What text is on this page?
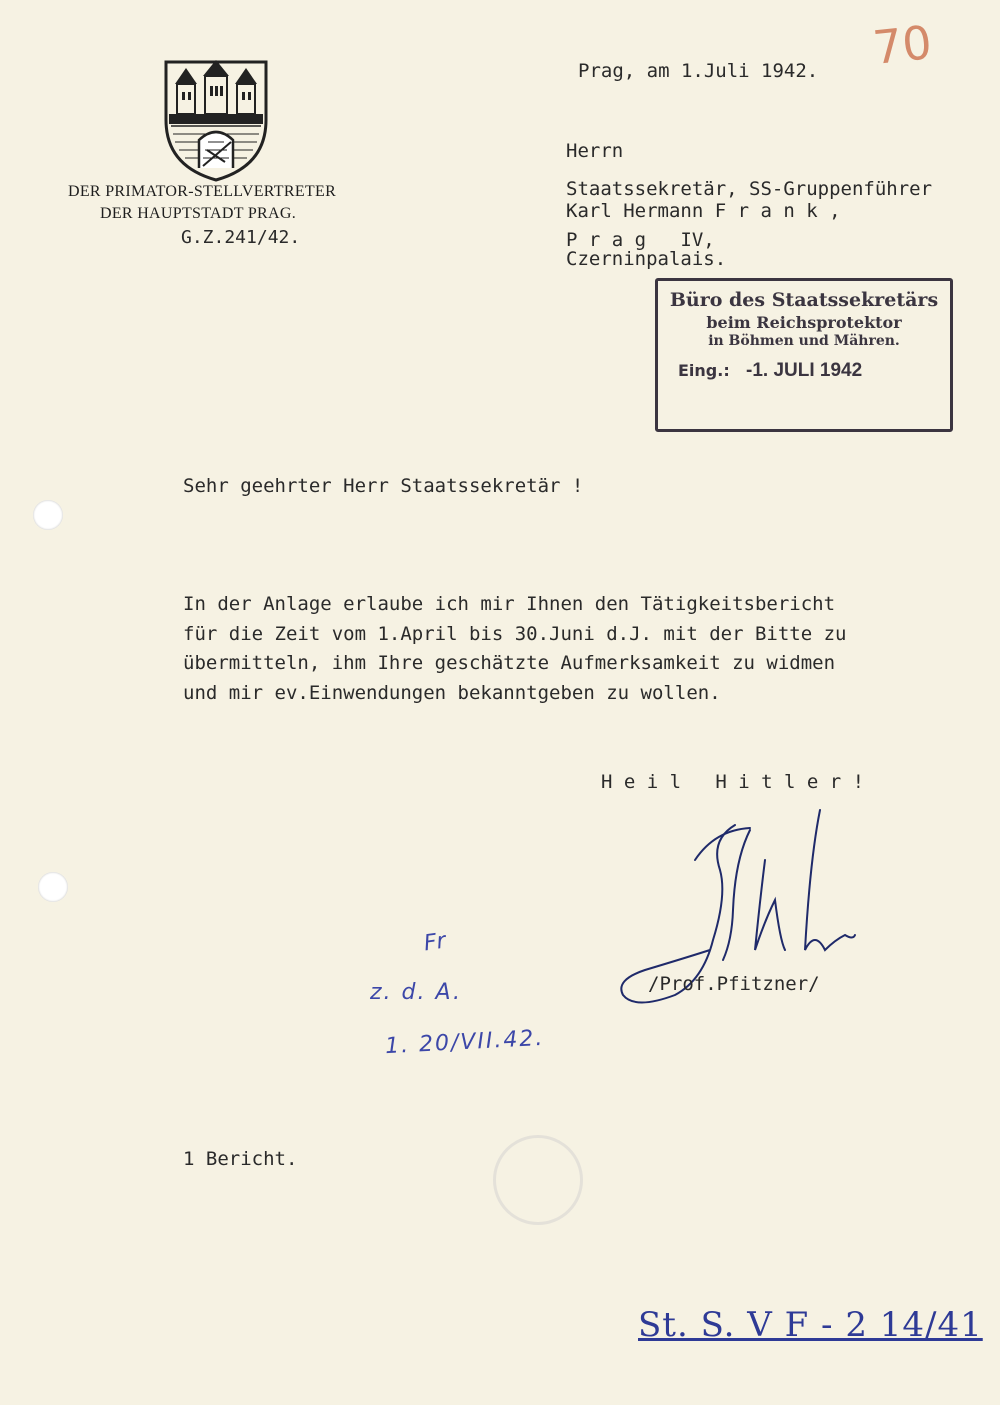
70
DER PRIMATOR-STELLVERTRETER
DER HAUPTSTADT PRAG.
G.Z.241/42.
Prag, am 1.Juli 1942.
Herrn
Staatssekretär, SS-Gruppenführer
Karl Hermann F r a n k ,
P r a g   IV,
Czerninpalais.
Büro des Staatssekretärs
beim Reichsprotektor
in Böhmen und Mähren.
Eing.: -1. JULI 1942
Sehr geehrter Herr Staatssekretär !
In der Anlage erlaube ich mir Ihnen den Tätigkeitsbericht
für die Zeit vom 1.April bis 30.Juni d.J. mit der Bitte zu
übermitteln, ihm Ihre geschätzte Aufmerksamkeit zu widmen
und mir ev.Einwendungen bekanntgeben zu wollen.
H e i l   H i t l e r !
/Prof.Pfitzner/
Fr
z. d. A.
1. 20/VII.42.
1 Bericht.
St. S. V F - 2 14/41
